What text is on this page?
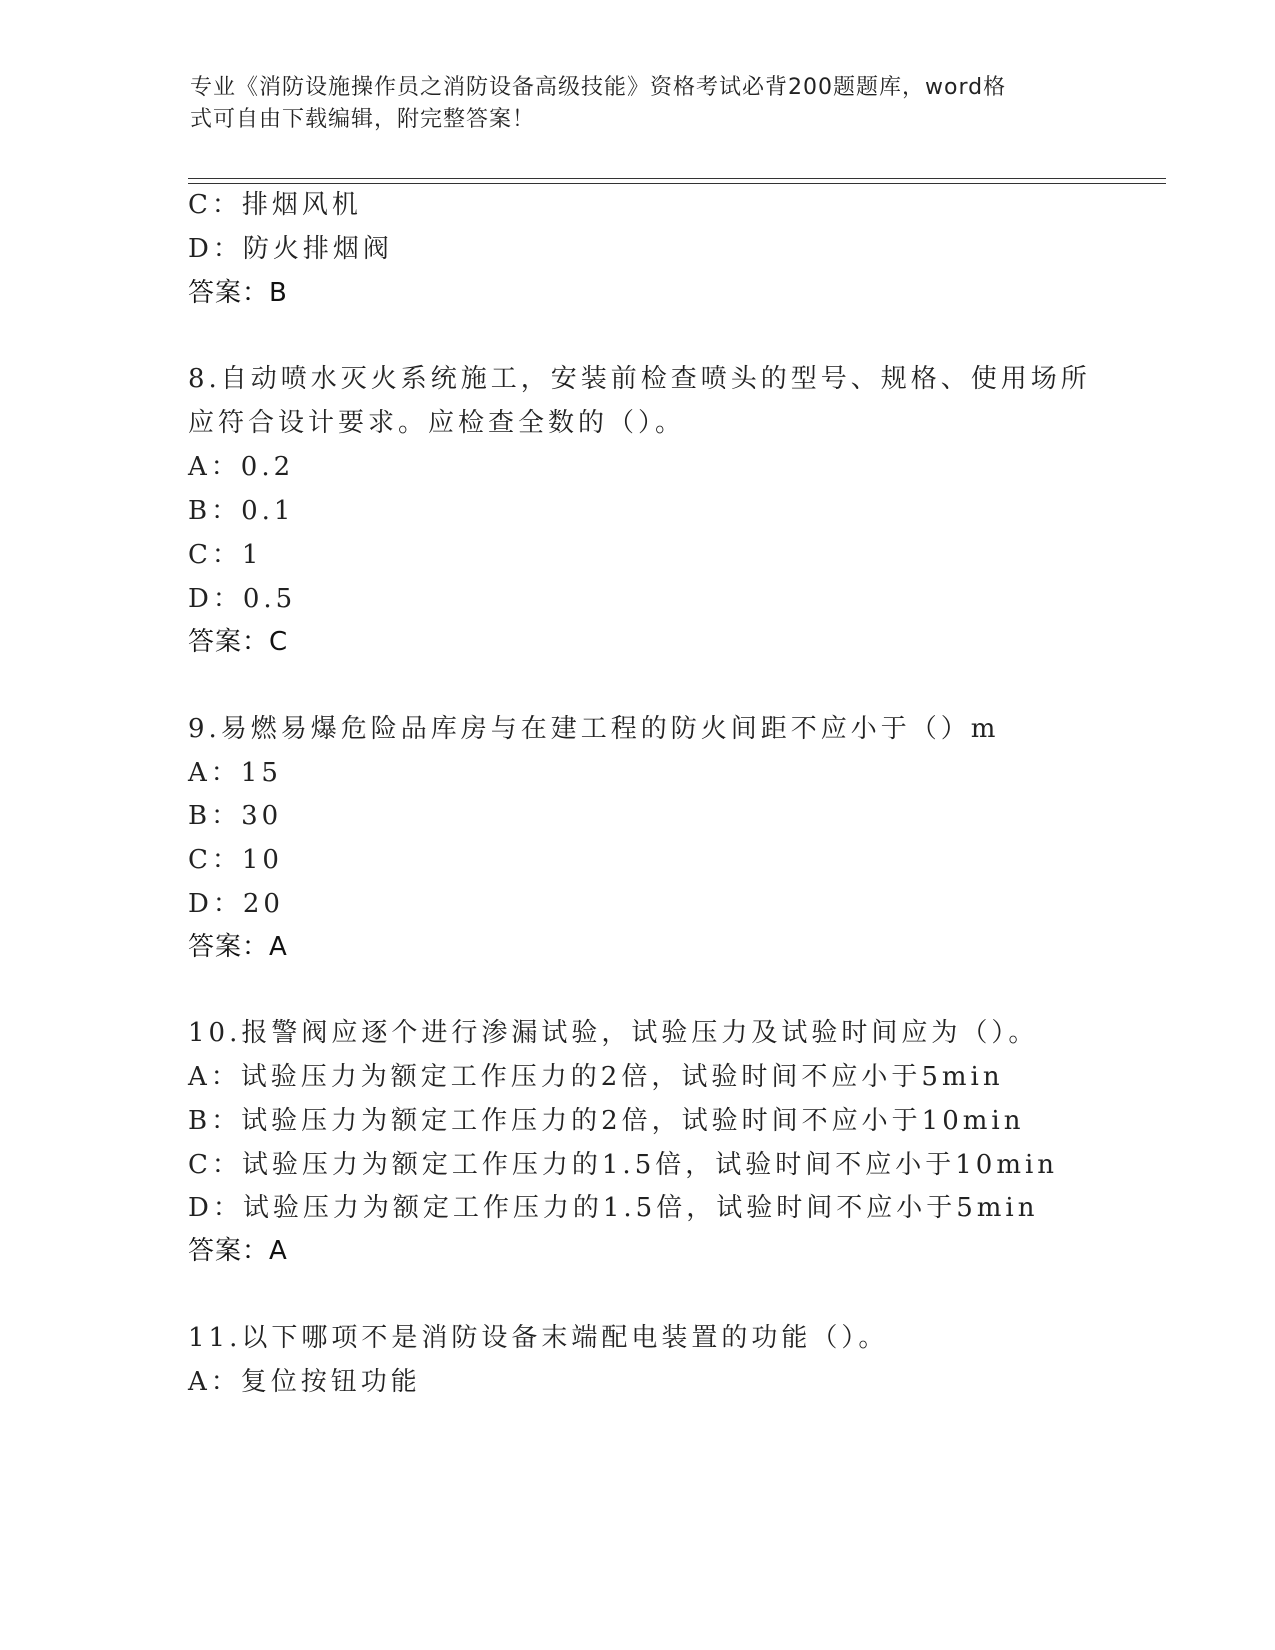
专业《消防设施操作员之消防设备高级技能》资格考试必背200题题库，word格
式可自由下载编辑，附完整答案！
C：排烟风机
D：防火排烟阀
答案：B
8.自动喷水灭火系统施工，安装前检查喷头的型号、规格、使用场所
应符合设计要求。应检查全数的（）。
A：0.2
B：0.1
C：1
D：0.5
答案：C
9.易燃易爆危险品库房与在建工程的防火间距不应小于（）m
A：15
B：30
C：10
D：20
答案：A
10.报警阀应逐个进行渗漏试验，试验压力及试验时间应为（）。
A：试验压力为额定工作压力的2倍，试验时间不应小于5min
B：试验压力为额定工作压力的2倍，试验时间不应小于10min
C：试验压力为额定工作压力的1.5倍，试验时间不应小于10min
D：试验压力为额定工作压力的1.5倍，试验时间不应小于5min
答案：A
11.以下哪项不是消防设备末端配电装置的功能（）。
A：复位按钮功能
